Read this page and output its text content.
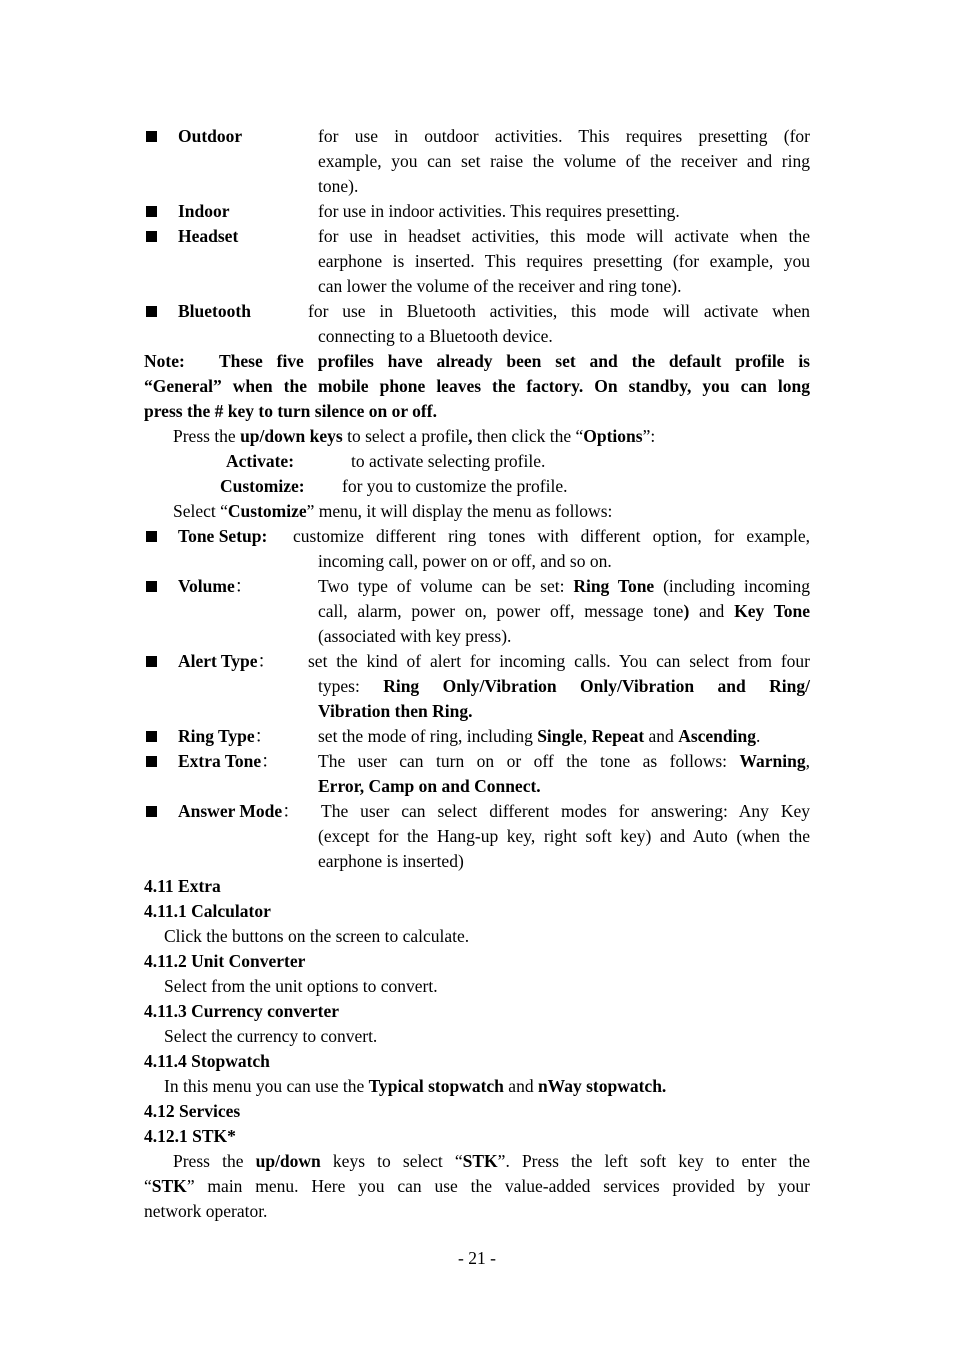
Outdoor	for use in outdoor activities. This requires presetting (for
example, you can set raise the volume of the receiver and ring
tone).
Indoor	for use in indoor activities. This requires presetting.
Headset	for use in headset activities, this mode will activate when the
earphone is inserted. This requires presetting (for example, you
can lower the volume of the receiver and ring tone).
Bluetooth	for use in Bluetooth activities, this mode will activate when
connecting to a Bluetooth device.
Note: These five profiles have already been set and the default profile is
“General” when the mobile phone leaves the factory. On standby, you can long
press the # key to turn silence on or off.
Press the up/down keys to select a profile, then click the “Options”:
Activate:	to activate selecting profile.
Customize: for you to customize the profile.
Select “Customize” menu, it will display the menu as follows:
Tone Setup: customize different ring tones with different option, for example,
incoming call, power on or off, and so on.
Volume：	Two type of volume can be set: Ring Tone (including incoming
call, alarm, power on, power off, message tone) and Key Tone
(associated with key press).
Alert Type： set the kind of alert for incoming calls. You can select from four
types: Ring Only/Vibration Only/Vibration and Ring/
Vibration then Ring.
Ring Type：	set the mode of ring, including Single, Repeat and Ascending.
Extra Tone： The user can turn on or off the tone as follows: Warning,
Error, Camp on and Connect.
Answer Mode： The user can select different modes for answering: Any Key
(except for the Hang-up key, right soft key) and Auto (when the
earphone is inserted)
4.11 Extra
4.11.1 Calculator
Click the buttons on the screen to calculate.
4.11.2 Unit Converter
Select from the unit options to convert.
4.11.3 Currency converter
Select the currency to convert.
4.11.4 Stopwatch
In this menu you can use the Typical stopwatch and nWay stopwatch.
4.12 Services
4.12.1 STK*
Press the up/down keys to select “STK”. Press the left soft key to enter the
“STK” main menu. Here you can use the value-added services provided by your
network operator.
- 21 -
